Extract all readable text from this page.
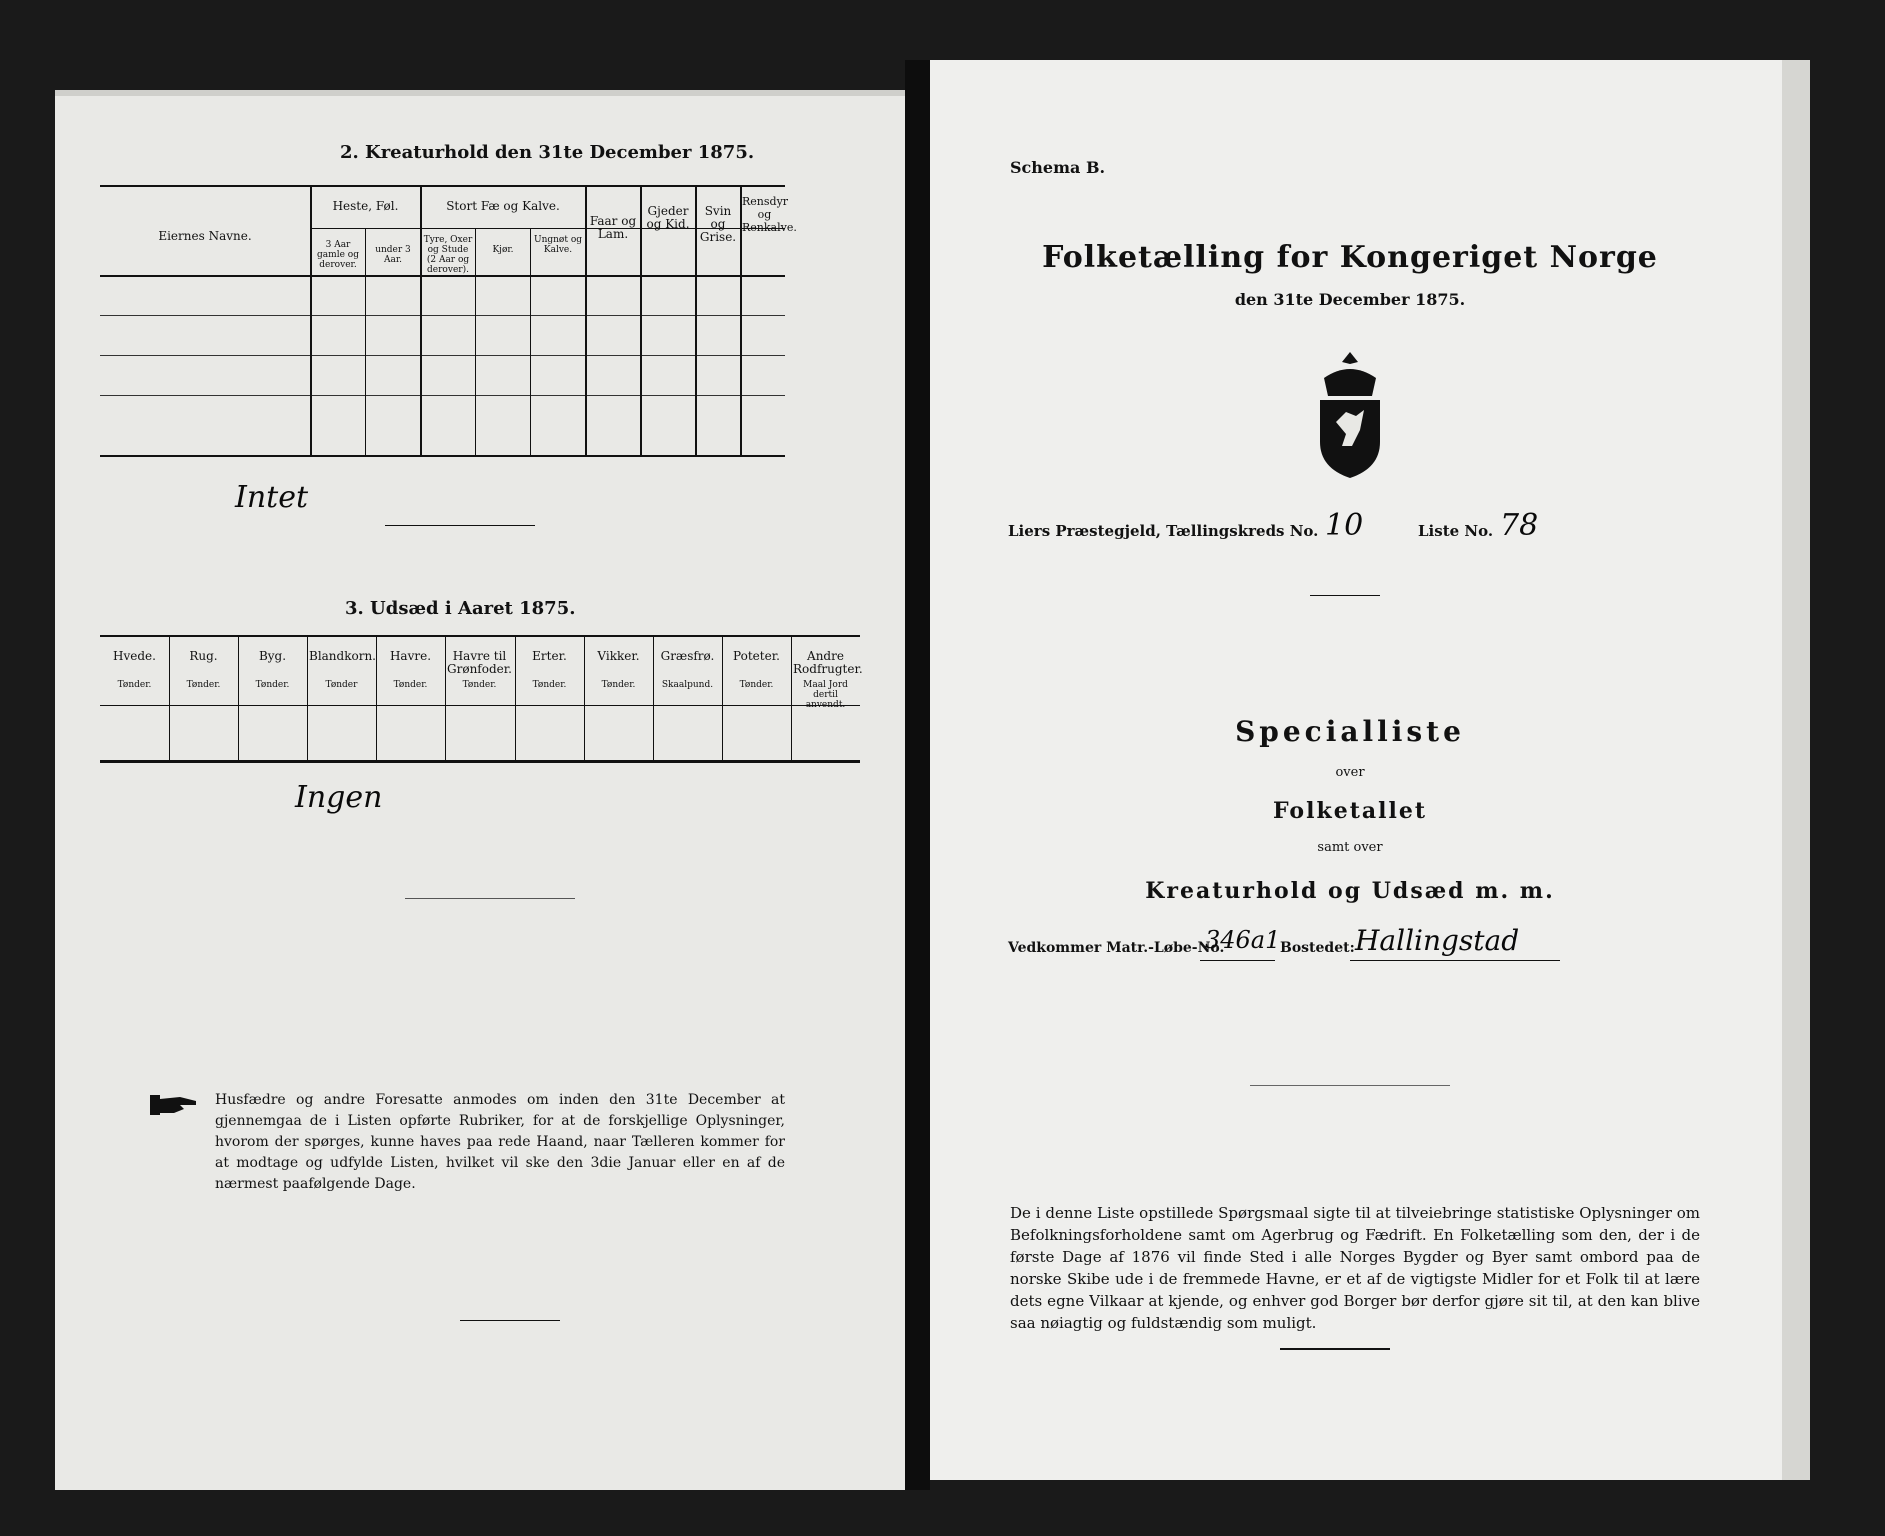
2. Kreaturhold den 31te December 1875.
Eiernes Navne.
Heste, Føl.	Stort Fæ og Kalve.
3 Aar gamle og derover.
under 3 Aar.
Tyre, Oxer og Stude (2 Aar og derover).
Kjør.
Ungnøt og Kalve.
Faar og Lam.
Gjeder og Kid.
Svin og Grise.
Rensdyr og Renkalve.
Intet
3. Udsæd i Aaret 1875.
Hvede.
Tønder.
Rug.
Tønder.
Byg.
Tønder.
Blandkorn.
Tønder
Havre.
Tønder.
Havre til Grønfoder.
Tønder.
Erter.
Tønder.
Vikker.
Tønder.
Græsfrø.
Skaalpund.
Poteter.
Tønder.
Andre Rodfrugter.
Maal Jord dertil anvendt.
Ingen
Husfædre og andre Foresatte anmodes om inden den 31te December at gjennemgaa de i Listen opførte Rubriker, for at de forskjellige Oplysninger, hvorom der spørges, kunne haves paa rede Haand, naar Tælleren kommer for at modtage og udfylde Listen, hvilket vil ske den 3die Januar eller en af de nærmest paafølgende Dage.
Schema B.
Folketælling for Kongeriget Norge
den 31te December 1875.
Liers Præstegjeld, Tællingskreds No. 10	Liste No. 78
Specialliste
over
Folketallet
samt over
Kreaturhold og Udsæd m. m.
Vedkommer Matr.-Løbe-No.
346a1 Bostedet: Hallingstad
De i denne Liste opstillede Spørgsmaal sigte til at tilveiebringe statistiske Oplysninger om Befolkningsforholdene samt om Agerbrug og Fædrift. En Folketælling som den, der i de første Dage af 1876 vil finde Sted i alle Norges Bygder og Byer samt ombord paa de norske Skibe ude i de fremmede Havne, er et af de vigtigste Midler for et Folk til at lære dets egne Vilkaar at kjende, og enhver god Borger bør derfor gjøre sit til, at den kan blive saa nøiagtig og fuldstændig som muligt.
